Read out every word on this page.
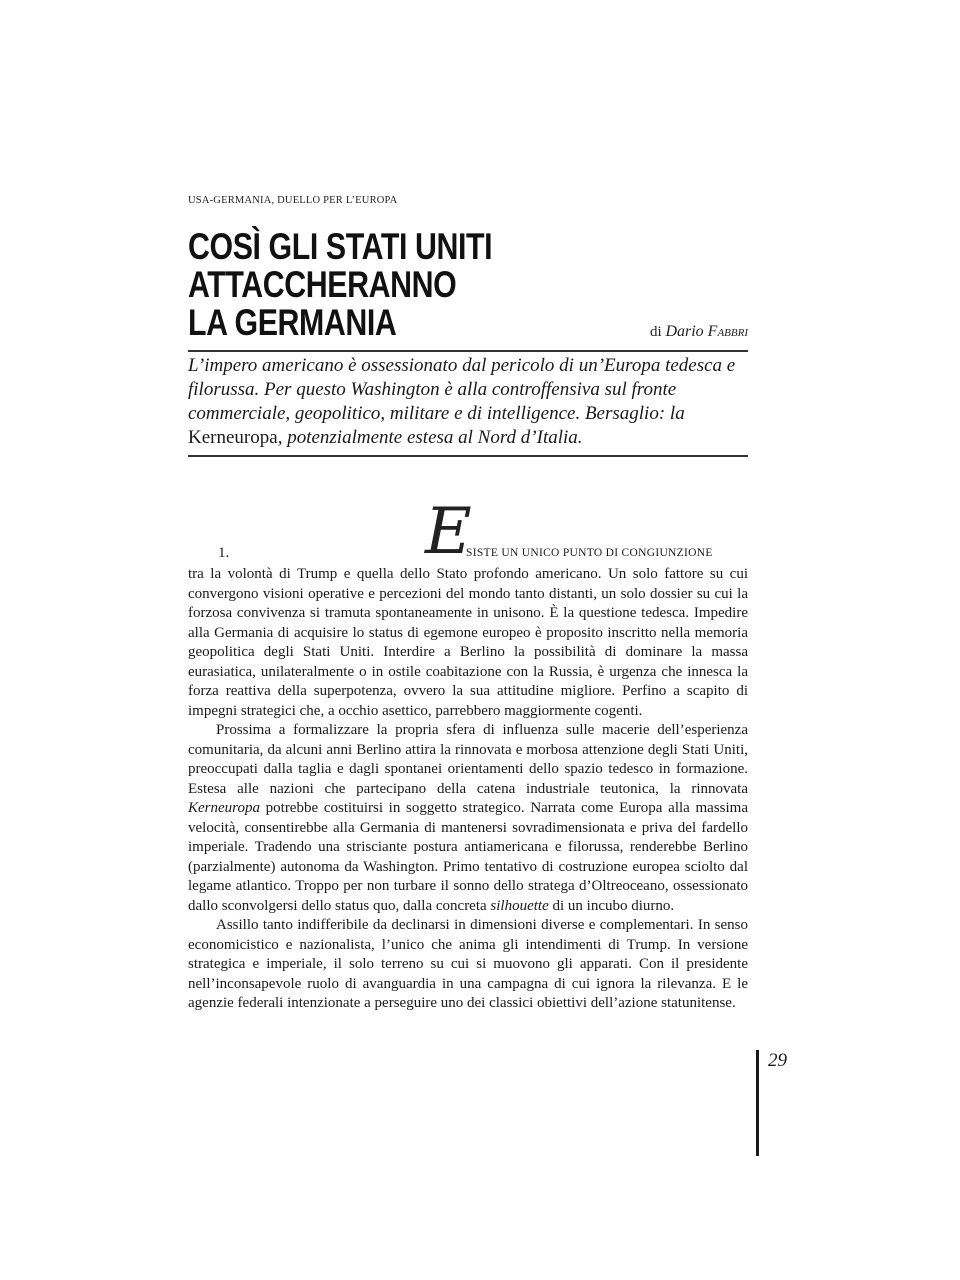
USA-GERMANIA, DUELLO PER L’EUROPA
COSÌ GLI STATI UNITI
ATTACCHERANNO
LA GERMANIA	di Dario Fabbri

L’impero americano è ossessionato dal pericolo di un’Europa tedesca e filorussa. Per questo Washington è alla controffensiva sul fronte commerciale, geopolitico, militare e di intelligence. Bersaglio: la Kerneuropa, potenzialmente estesa al Nord d’Italia.

E
1.	SISTE UN UNICO PUNTO DI CONGIUNZIONE

tra la volontà di Trump e quella dello Stato profondo americano. Un solo fattore su cui convergono visioni operative e percezioni del mondo tanto distanti, un solo dossier su cui la forzosa convivenza si tramuta spontaneamente in unisono. È la questione tedesca. Impedire alla Germania di acquisire lo status di egemone europeo è proposito inscritto nella memoria geopolitica degli Stati Uniti. Interdire a Berlino la possibilità di dominare la massa eurasiatica, unilateralmente o in ostile coabitazione con la Russia, è urgenza che innesca la forza reattiva della superpotenza, ovvero la sua attitudine migliore. Perfino a scapito di impegni strategici che, a occhio asettico, parrebbero maggiormente cogenti.

Prossima a formalizzare la propria sfera di influenza sulle macerie dell’esperienza comunitaria, da alcuni anni Berlino attira la rinnovata e morbosa attenzione degli Stati Uniti, preoccupati dalla taglia e dagli spontanei orientamenti dello spazio tedesco in formazione. Estesa alle nazioni che partecipano della catena industriale teutonica, la rinnovata Kerneuropa potrebbe costituirsi in soggetto strategico. Narrata come Europa alla massima velocità, consentirebbe alla Germania di mantenersi sovradimensionata e priva del fardello imperiale. Tradendo una strisciante postura antiamericana e filorussa, renderebbe Berlino (parzialmente) autonoma da Washington. Primo tentativo di costruzione europea sciolto dal legame atlantico. Troppo per non turbare il sonno dello stratega d’Oltreoceano, ossessionato dallo sconvolgersi dello status quo, dalla concreta silhouette di un incubo diurno.

Assillo tanto indifferibile da declinarsi in dimensioni diverse e complementari. In senso economicistico e nazionalista, l’unico che anima gli intendimenti di Trump. In versione strategica e imperiale, il solo terreno su cui si muovono gli apparati. Con il presidente nell’inconsapevole ruolo di avanguardia in una campagna di cui ignora la rilevanza. E le agenzie federali intenzionate a perseguire uno dei classici obiettivi dell’azione statunitense.

29
